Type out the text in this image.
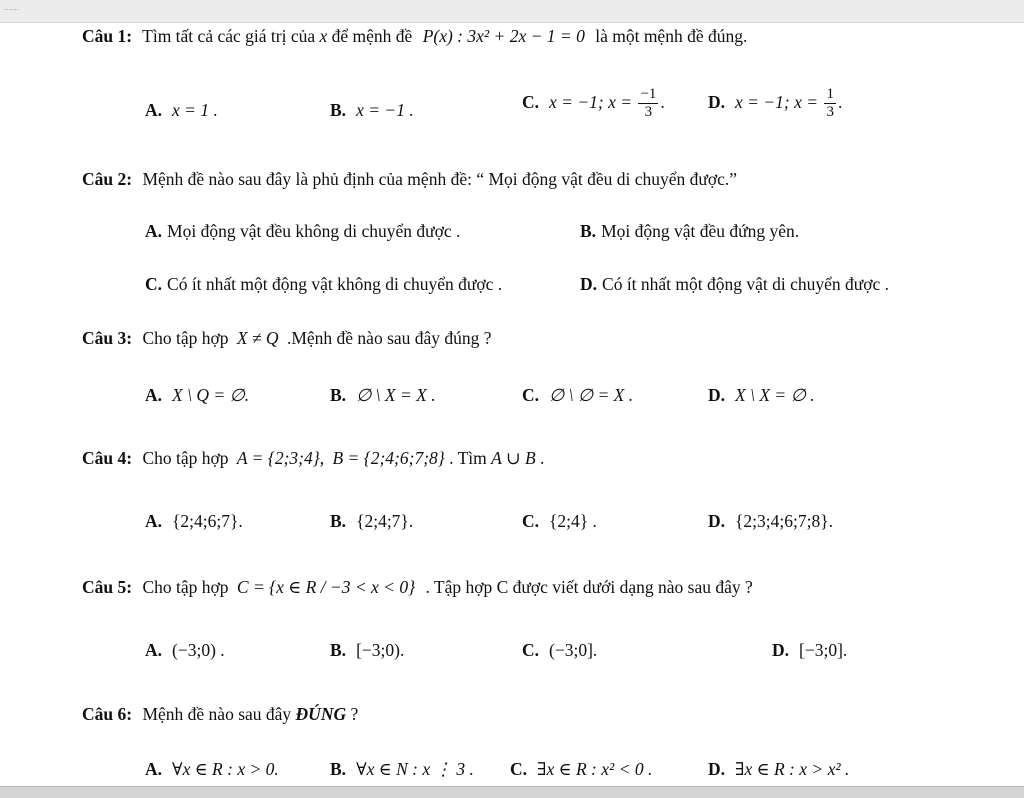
......
Câu 1: Tìm tất cả các giá trị của x để mệnh đề P(x) : 3x² + 2x − 1 = 0 là một mệnh đề đúng.
A. x = 1 .	B. x = −1 .	C. x = −1; $x = \frac{-1}{3}$ . D. x = −1; $x = \frac{1}{3}$ .
Câu 2: Mệnh đề nào sau đây là phủ định của mệnh đề: “ Mọi động vật đều di chuyển được.”
A. Mọi động vật đều không di chuyển được .	B. Mọi động vật đều đứng yên.
C. Có ít nhất một động vật không di chuyển được .	D. Có ít nhất một động vật di chuyển được .
Câu 3: Cho tập hợp X ≠ Q .Mệnh đề nào sau đây đúng ?
A. X \ Q = ∅.	B. ∅ \ X = X .	C. ∅ \ ∅ = X .	D. X \ X = ∅ .
Câu 4: Cho tập hợp A = {2;3;4}, B = {2;4;6;7;8} . Tìm A ∪ B .
A. {2;4;6;7}.	B. {2;4;7}.	C. {2;4} .	D. {2;3;4;6;7;8}.
Câu 5: Cho tập hợp C = {x ∈ R / −3 < x < 0} . Tập hợp C được viết dưới dạng nào sau đây ?
A. (−3;0) .	B. [−3;0).	C. (−3;0].	D. [−3;0].
Câu 6: Mệnh đề nào sau đây ĐÚNG ?
A. ∀x ∈ R : x > 0.	B. ∀x ∈ N : x ⋮ 3 . C. ∃x ∈ R : x² < 0 .	D. ∃x ∈ R : x > x² .
